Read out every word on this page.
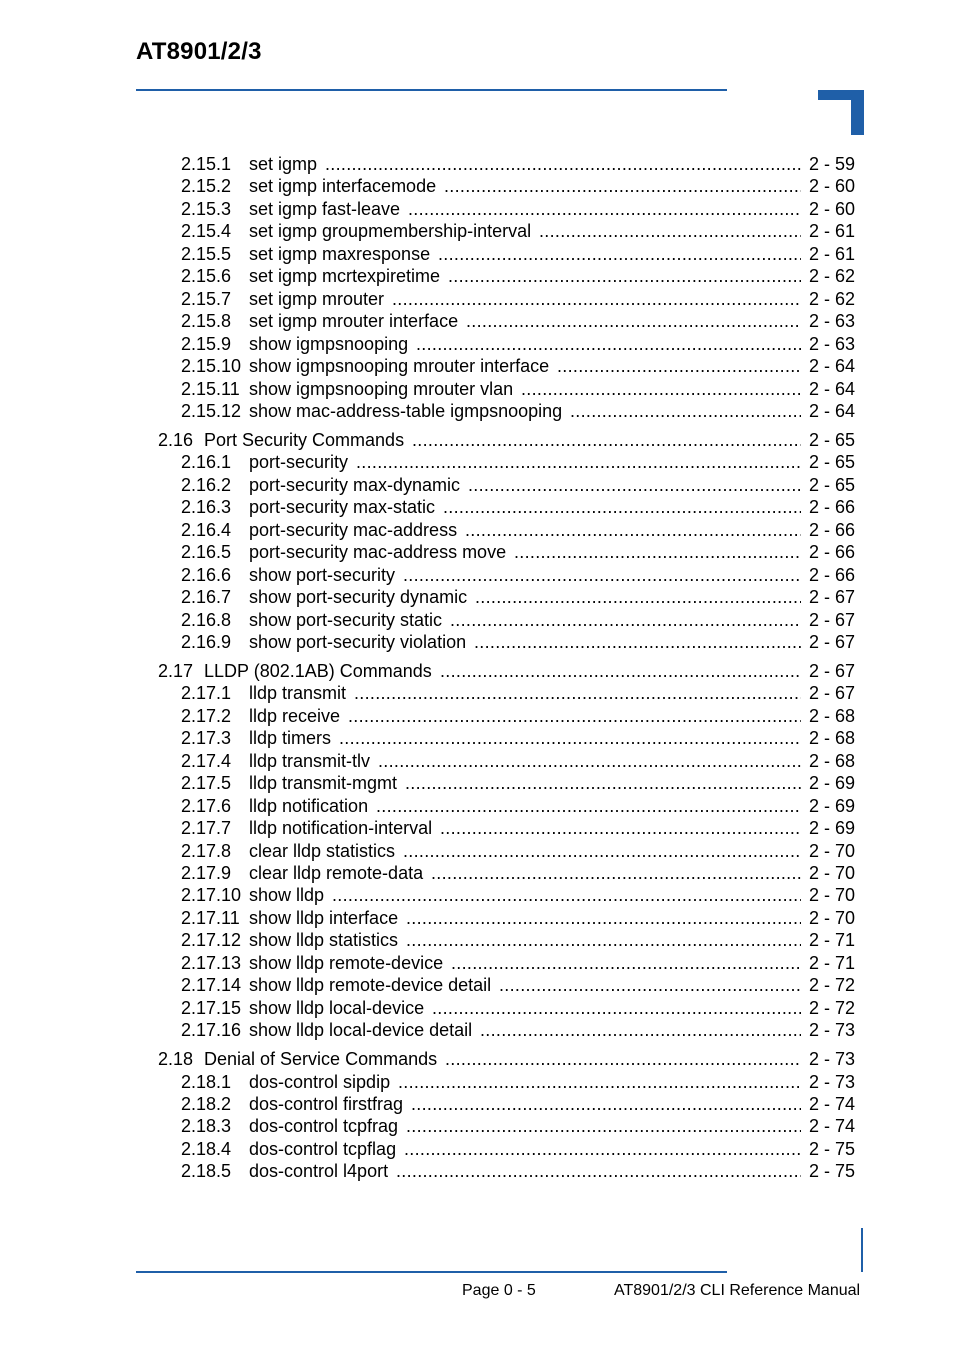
AT8901/2/3
2.15.1 set igmp .....	2 - 59
2.15.2 set igmp interfacemode .....	2 - 60
2.15.3 set igmp fast-leave .....	2 - 60
2.15.4 set igmp groupmembership-interval .....	2 - 61
2.15.5 set igmp maxresponse .....	2 - 61
2.15.6 set igmp mcrtexpiretime .....	2 - 62
2.15.7 set igmp mrouter .....	2 - 62
2.15.8 set igmp mrouter interface .....	2 - 63
2.15.9 show igmpsnooping .....	2 - 63
2.15.10 show igmpsnooping mrouter interface .....	2 - 64
2.15.11 show igmpsnooping mrouter vlan .....	2 - 64
2.15.12 show mac-address-table igmpsnooping .....	2 - 64
2.16 Port Security Commands .....	2 - 65
2.16.1 port-security .....	2 - 65
2.16.2 port-security max-dynamic .....	2 - 65
2.16.3 port-security max-static .....	2 - 66
2.16.4 port-security mac-address .....	2 - 66
2.16.5 port-security mac-address move .....	2 - 66
2.16.6 show port-security .....	2 - 66
2.16.7 show port-security dynamic .....	2 - 67
2.16.8 show port-security static .....	2 - 67
2.16.9 show port-security violation .....	2 - 67
2.17 LLDP (802.1AB) Commands .....	2 - 67
2.17.1 lldp transmit .....	2 - 67
2.17.2 lldp receive .....	2 - 68
2.17.3 lldp timers .....	2 - 68
2.17.4 lldp transmit-tlv .....	2 - 68
2.17.5 lldp transmit-mgmt .....	2 - 69
2.17.6 lldp notification .....	2 - 69
2.17.7 lldp notification-interval .....	2 - 69
2.17.8 clear lldp statistics .....	2 - 70
2.17.9 clear lldp remote-data .....	2 - 70
2.17.10 show lldp .....	2 - 70
2.17.11 show lldp interface .....	2 - 70
2.17.12 show lldp statistics .....	2 - 71
2.17.13 show lldp remote-device .....	2 - 71
2.17.14 show lldp remote-device detail .....	2 - 72
2.17.15 show lldp local-device .....	2 - 72
2.17.16 show lldp local-device detail .....	2 - 73
2.18 Denial of Service Commands .....	2 - 73
2.18.1 dos-control sipdip .....	2 - 73
2.18.2 dos-control firstfrag .....	2 - 74
2.18.3 dos-control tcpfrag .....	2 - 74
2.18.4 dos-control tcpflag .....	2 - 75
2.18.5 dos-control l4port .....	2 - 75
Page 0 - 5	AT8901/2/3 CLI Reference Manual
